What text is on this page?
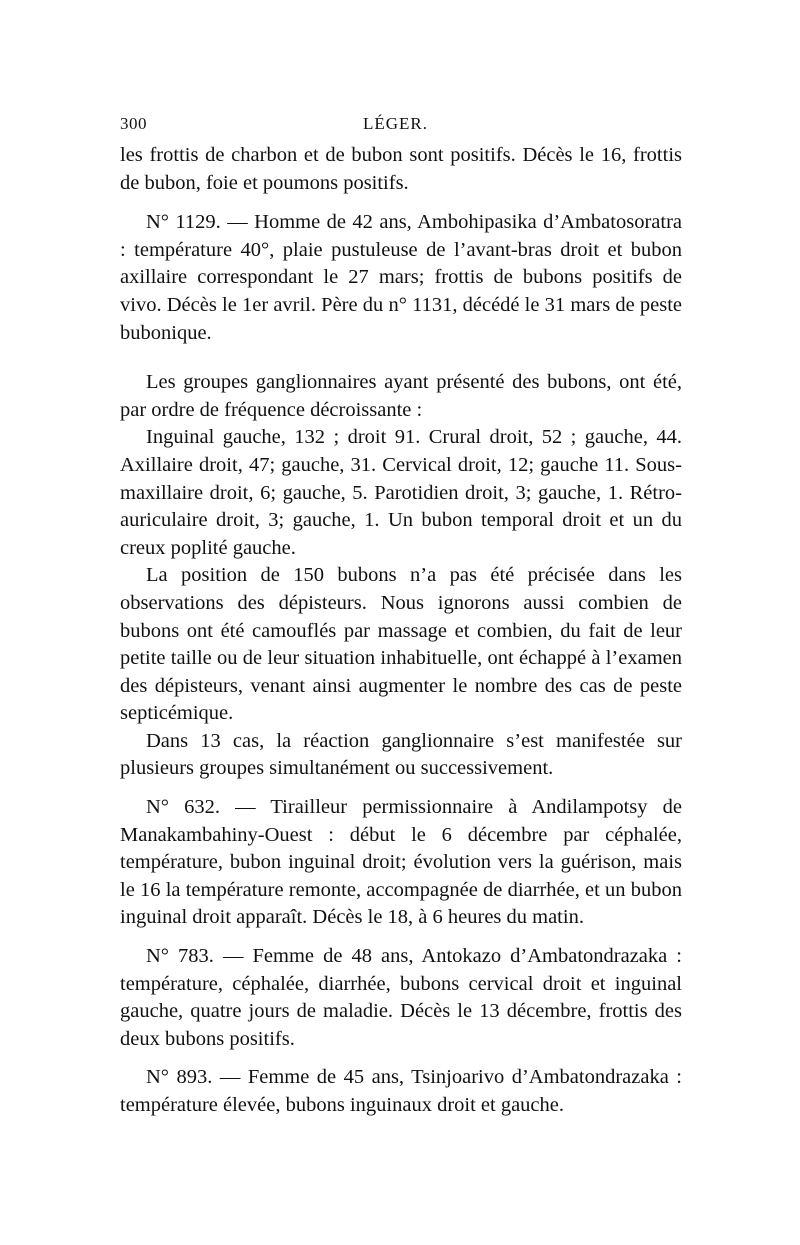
300	LÉGER.

les frottis de charbon et de bubon sont positifs. Décès le 16, frottis de bubon, foie et poumons positifs.

N° 1129. — Homme de 42 ans, Ambohipasika d’Ambatosoratra : température 40°, plaie pustuleuse de l’avant-bras droit et bubon axillaire correspondant le 27 mars; frottis de bubons positifs de vivo. Décès le 1er avril. Père du n° 1131, décédé le 31 mars de peste bubonique.

Les groupes ganglionnaires ayant présenté des bubons, ont été, par ordre de fréquence décroissante :

Inguinal gauche, 132 ; droit 91. Crural droit, 52 ; gauche, 44. Axillaire droit, 47; gauche, 31. Cervical droit, 12; gauche 11. Sous-maxillaire droit, 6; gauche, 5. Parotidien droit, 3; gauche, 1. Rétro-auriculaire droit, 3; gauche, 1. Un bubon temporal droit et un du creux poplité gauche.

La position de 150 bubons n’a pas été précisée dans les observations des dépisteurs. Nous ignorons aussi combien de bubons ont été camouflés par massage et combien, du fait de leur petite taille ou de leur situation inhabituelle, ont échappé à l’examen des dépisteurs, venant ainsi augmenter le nombre des cas de peste septicémique.

Dans 13 cas, la réaction ganglionnaire s’est manifestée sur plusieurs groupes simultanément ou successivement.

N° 632. — Tirailleur permissionnaire à Andilampotsy de Manakambahiny-Ouest : début le 6 décembre par céphalée, température, bubon inguinal droit; évolution vers la guérison, mais le 16 la température remonte, accompagnée de diarrhée, et un bubon inguinal droit apparaît. Décès le 18, à 6 heures du matin.

N° 783. — Femme de 48 ans, Antokazo d’Ambatondrazaka : température, céphalée, diarrhée, bubons cervical droit et inguinal gauche, quatre jours de maladie. Décès le 13 décembre, frottis des deux bubons positifs.

N° 893. — Femme de 45 ans, Tsinjoarivo d’Ambatondrazaka : température élevée, bubons inguinaux droit et gauche.
